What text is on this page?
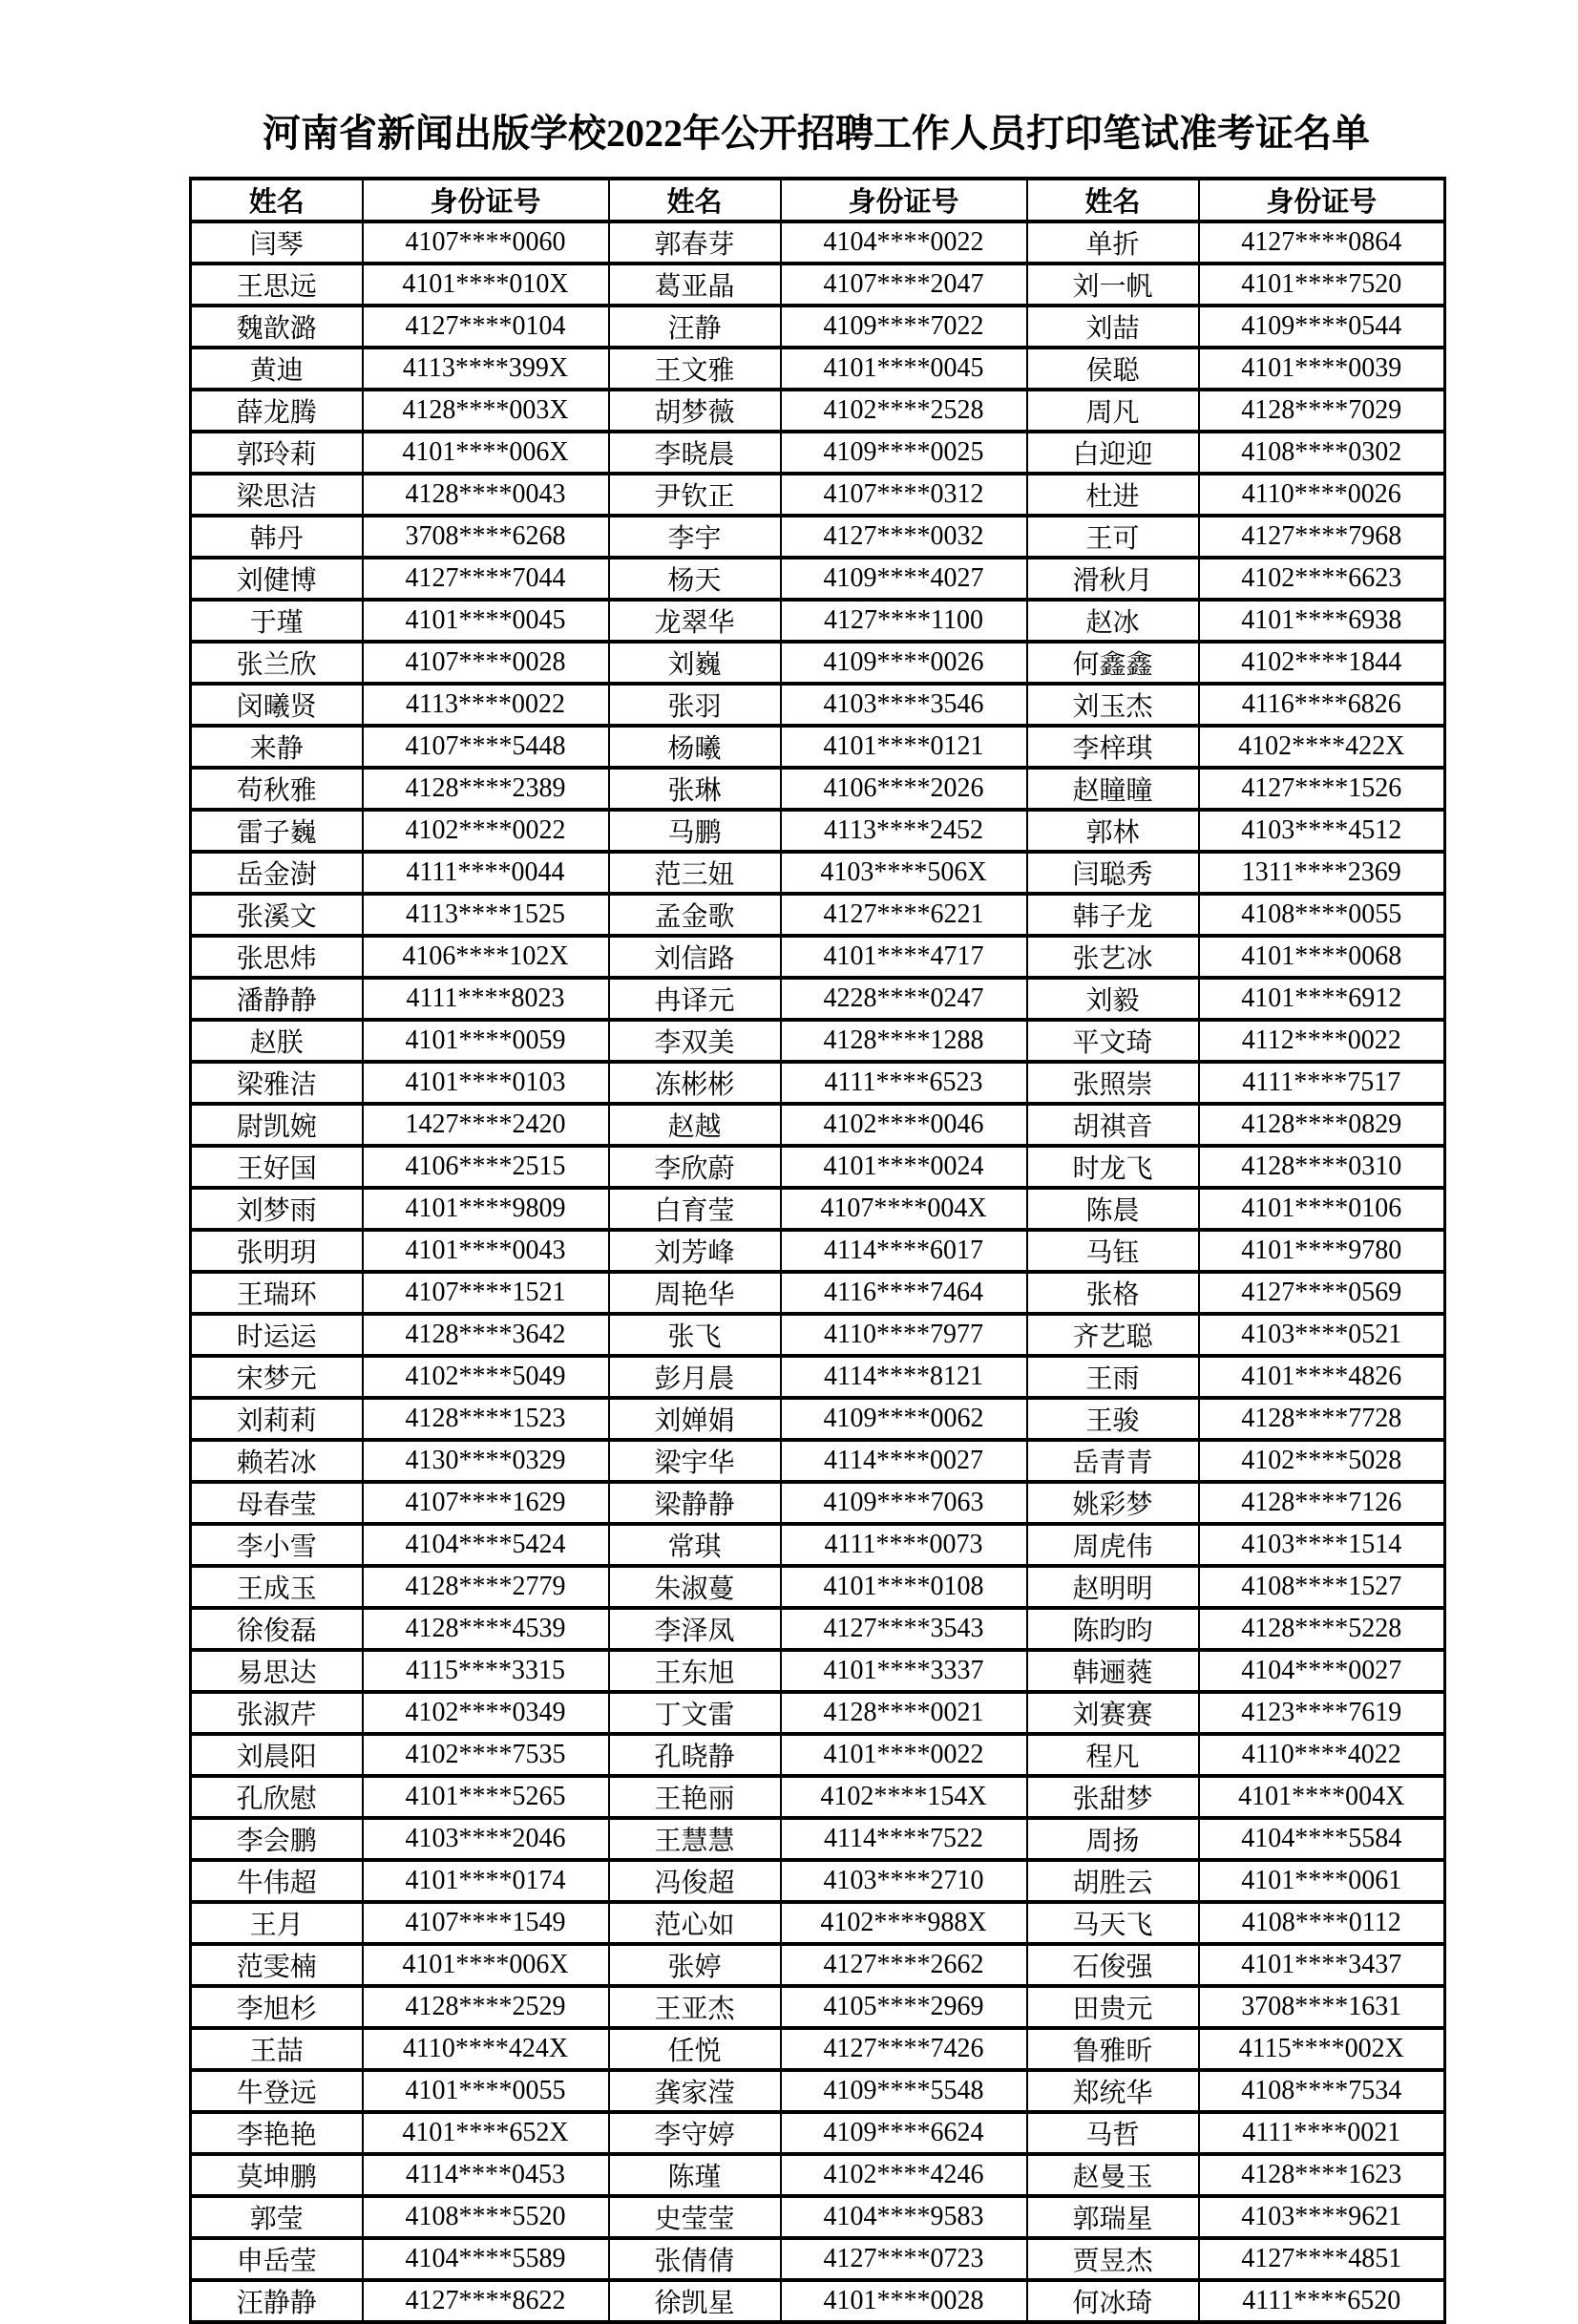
河南省新闻出版学校2022年公开招聘工作人员打印笔试准考证名单
姓名	身份证号	姓名	身份证号	姓名	身份证号
闫琴	4107****0060	郭春芽	4104****0022	单折	4127****0864
王思远	4101****010X	葛亚晶	4107****2047	刘一帆	4101****7520
魏歆潞	4127****0104	汪静	4109****7022	刘喆	4109****0544
黄迪	4113****399X	王文雅	4101****0045	侯聪	4101****0039
薛龙腾	4128****003X	胡梦薇	4102****2528	周凡	4128****7029
郭玲莉	4101****006X	李晓晨	4109****0025	白迎迎	4108****0302
梁思洁	4128****0043	尹钦正	4107****0312	杜进	4110****0026
韩丹	3708****6268	李宇	4127****0032	王可	4127****7968
刘健博	4127****7044	杨天	4109****4027	滑秋月	4102****6623
于瑾	4101****0045	龙翠华	4127****1100	赵冰	4101****6938
张兰欣	4107****0028	刘巍	4109****0026	何鑫鑫	4102****1844
闵曦贤	4113****0022	张羽	4103****3546	刘玉杰	4116****6826
来静	4107****5448	杨曦	4101****0121	李梓琪	4102****422X
苟秋雅	4128****2389	张琳	4106****2026	赵瞳瞳	4127****1526
雷子巍	4102****0022	马鹏	4113****2452	郭林	4103****4512
岳金澍	4111****0044	范三妞	4103****506X	闫聪秀	1311****2369
张溪文	4113****1525	孟金歌	4127****6221	韩子龙	4108****0055
张思炜	4106****102X	刘信路	4101****4717	张艺冰	4101****0068
潘静静	4111****8023	冉译元	4228****0247	刘毅	4101****6912
赵朕	4101****0059	李双美	4128****1288	平文琦	4112****0022
梁雅洁	4101****0103	冻彬彬	4111****6523	张照崇	4111****7517
尉凯婉	1427****2420	赵越	4102****0046	胡祺音	4128****0829
王好国	4106****2515	李欣蔚	4101****0024	时龙飞	4128****0310
刘梦雨	4101****9809	白育莹	4107****004X	陈晨	4101****0106
张明玥	4101****0043	刘芳峰	4114****6017	马钰	4101****9780
王瑞环	4107****1521	周艳华	4116****7464	张格	4127****0569
时运运	4128****3642	张飞	4110****7977	齐艺聪	4103****0521
宋梦元	4102****5049	彭月晨	4114****8121	王雨	4101****4826
刘莉莉	4128****1523	刘婵娟	4109****0062	王骏	4128****7728
赖若冰	4130****0329	梁宇华	4114****0027	岳青青	4102****5028
母春莹	4107****1629	梁静静	4109****7063	姚彩梦	4128****7126
李小雪	4104****5424	常琪	4111****0073	周虎伟	4103****1514
王成玉	4128****2779	朱淑蔓	4101****0108	赵明明	4108****1527
徐俊磊	4128****4539	李泽凤	4127****3543	陈昀昀	4128****5228
易思达	4115****3315	王东旭	4101****3337	韩逦蕤	4104****0027
张淑芹	4102****0349	丁文雷	4128****0021	刘赛赛	4123****7619
刘晨阳	4102****7535	孔晓静	4101****0022	程凡	4110****4022
孔欣慰	4101****5265	王艳丽	4102****154X	张甜梦	4101****004X
李会鹏	4103****2046	王慧慧	4114****7522	周扬	4104****5584
牛伟超	4101****0174	冯俊超	4103****2710	胡胜云	4101****0061
王月	4107****1549	范心如	4102****988X	马天飞	4108****0112
范雯楠	4101****006X	张婷	4127****2662	石俊强	4101****3437
李旭杉	4128****2529	王亚杰	4105****2969	田贵元	3708****1631
王喆	4110****424X	任悦	4127****7426	鲁雅昕	4115****002X
牛登远	4101****0055	龚家滢	4109****5548	郑统华	4108****7534
李艳艳	4101****652X	李守婷	4109****6624	马哲	4111****0021
莫坤鹏	4114****0453	陈瑾	4102****4246	赵曼玉	4128****1623
郭莹	4108****5520	史莹莹	4104****9583	郭瑞星	4103****9621
申岳莹	4104****5589	张倩倩	4127****0723	贾昱杰	4127****4851
汪静静	4127****8622	徐凯星	4101****0028	何冰琦	4111****6520
